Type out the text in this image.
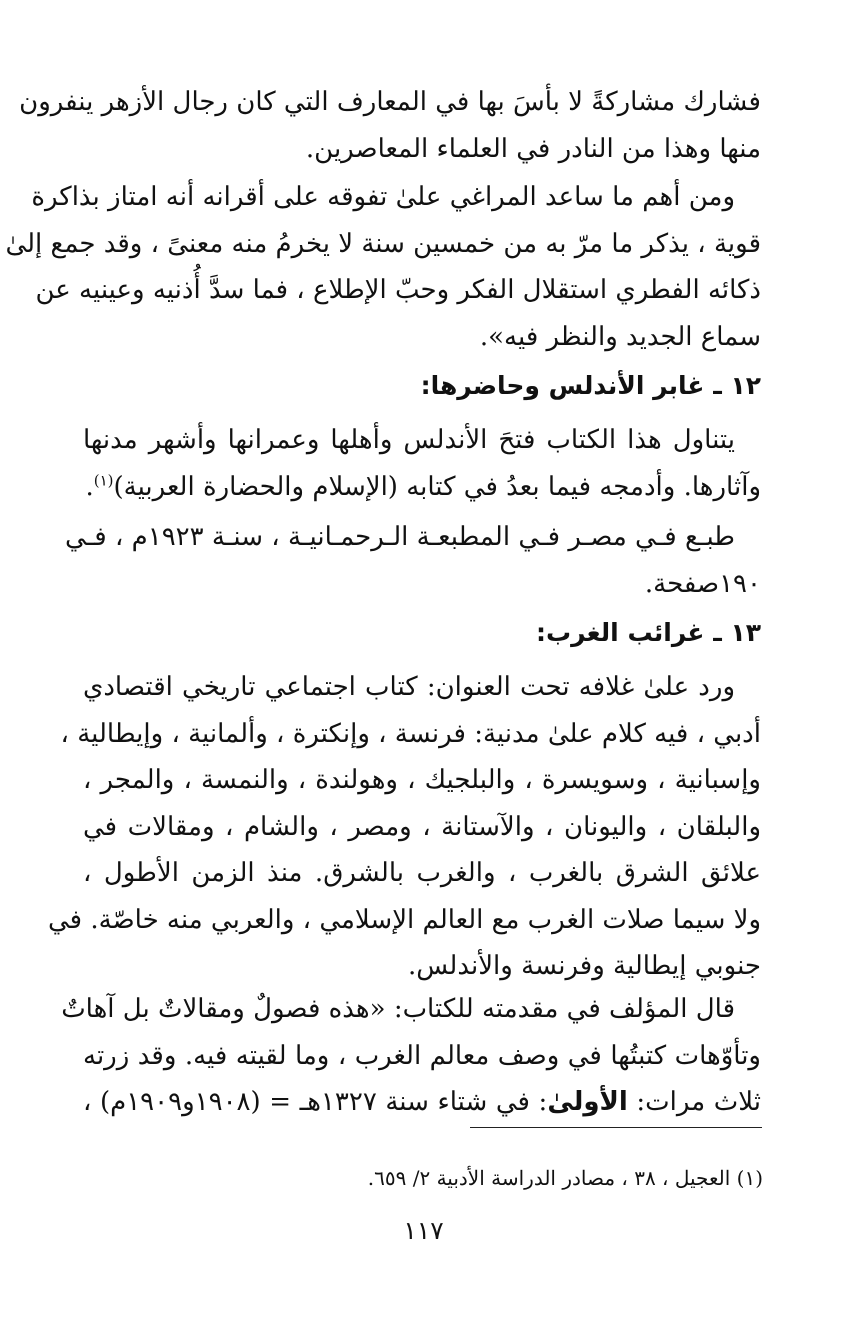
فشارك مشاركةً لا بأسَ بها في المعارف التي كان رجال الأزهر ينفرون
منها وهذا من النادر في العلماء المعاصرين.
ومن أهم ما ساعد المراغي علىٰ تفوقه على أقرانه أنه امتاز بذاكرة
قوية ، يذكر ما مرّ به من خمسين سنة لا يخرمُ منه معنىً ، وقد جمع إلىٰ
ذكائه الفطري استقلال الفكر وحبّ الإطلاع ، فما سدَّ أُذنيه وعينيه عن
سماع الجديد والنظر فيه».
١٢ ـ غابر الأندلس وحاضرها:
يتناول هذا الكتاب فتحَ الأندلس وأهلها وعمرانها وأشهر مدنها
وآثارها. وأدمجه فيما بعدُ في كتابه (الإسلام والحضارة العربية)$^{(١)}$.
طبـع فـي مصـر فـي المطبعـة الـرحمـانيـة ، سنـة ١٩٢٣م ، فـي
١٩٠صفحة.
١٣ ـ غرائب الغرب:
ورد علىٰ غلافه تحت العنوان: كتاب اجتماعي تاريخي اقتصادي
أدبي ، فيه كلام علىٰ مدنية: فرنسة ، وإنكترة ، وألمانية ، وإيطالية ،
وإسبانية ، وسويسرة ، والبلجيك ، وهولندة ، والنمسة ، والمجر ،
والبلقان ، واليونان ، والآستانة ، ومصر ، والشام ، ومقالات في
علائق الشرق بالغرب ، والغرب بالشرق. منذ الزمن الأطول ،
ولا سيما صلات الغرب مع العالم الإسلامي ، والعربي منه خاصّة. في
جنوبي إيطالية وفرنسة والأندلس.
قال المؤلف في مقدمته للكتاب: «هذه فصولٌ ومقالاتٌ بل آهاتٌ
وتأوّهات كتبتُها في وصف معالم الغرب ، وما لقيته فيه. وقد زرته
ثلاث مرات: الأولىٰ: في شتاء سنة ١٣٢٧هـ = (١٩٠٨و١٩٠٩م) ،
(١) العجيل ، ٣٨ ، مصادر الدراسة الأدبية ٢/ ٦٥٩.
١١٧
